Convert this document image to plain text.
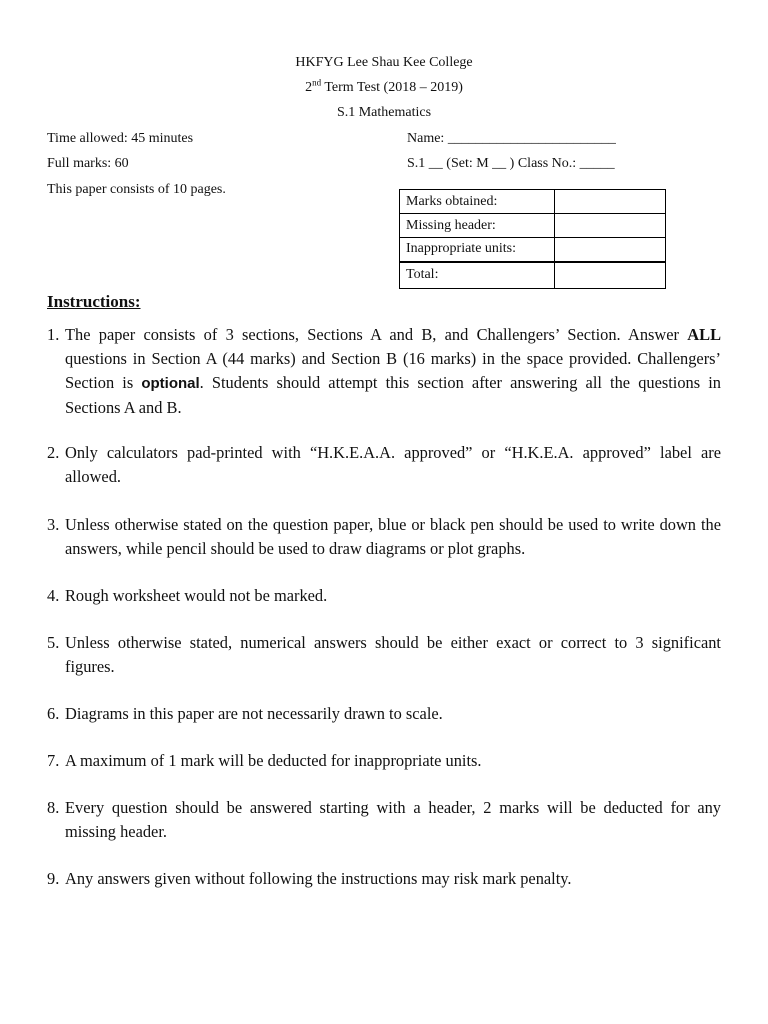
HKFYG Lee Shau Kee College
2nd Term Test (2018 – 2019)
S.1 Mathematics
Time allowed: 45 minutes
Full marks: 60
This paper consists of 10 pages.
Name: ________________________
S.1 __ (Set: M __ ) Class No.: _____
Marks obtained:	
Missing header:	
Inappropriate units:	
Total:	
Instructions:
1. The paper consists of 3 sections, Sections A and B, and Challengers’ Section. Answer ALL questions in Section A (44 marks) and Section B (16 marks) in the space provided. Challengers’ Section is optional. Students should attempt this section after answering all the questions in Sections A and B.
2. Only calculators pad-printed with “H.K.E.A.A. approved” or “H.K.E.A. approved” label are allowed.
3. Unless otherwise stated on the question paper, blue or black pen should be used to write down the answers, while pencil should be used to draw diagrams or plot graphs.
4. Rough worksheet would not be marked.
5. Unless otherwise stated, numerical answers should be either exact or correct to 3 significant figures.
6. Diagrams in this paper are not necessarily drawn to scale.
7. A maximum of 1 mark will be deducted for inappropriate units.
8. Every question should be answered starting with a header, 2 marks will be deducted for any missing header.
9. Any answers given without following the instructions may risk mark penalty.
